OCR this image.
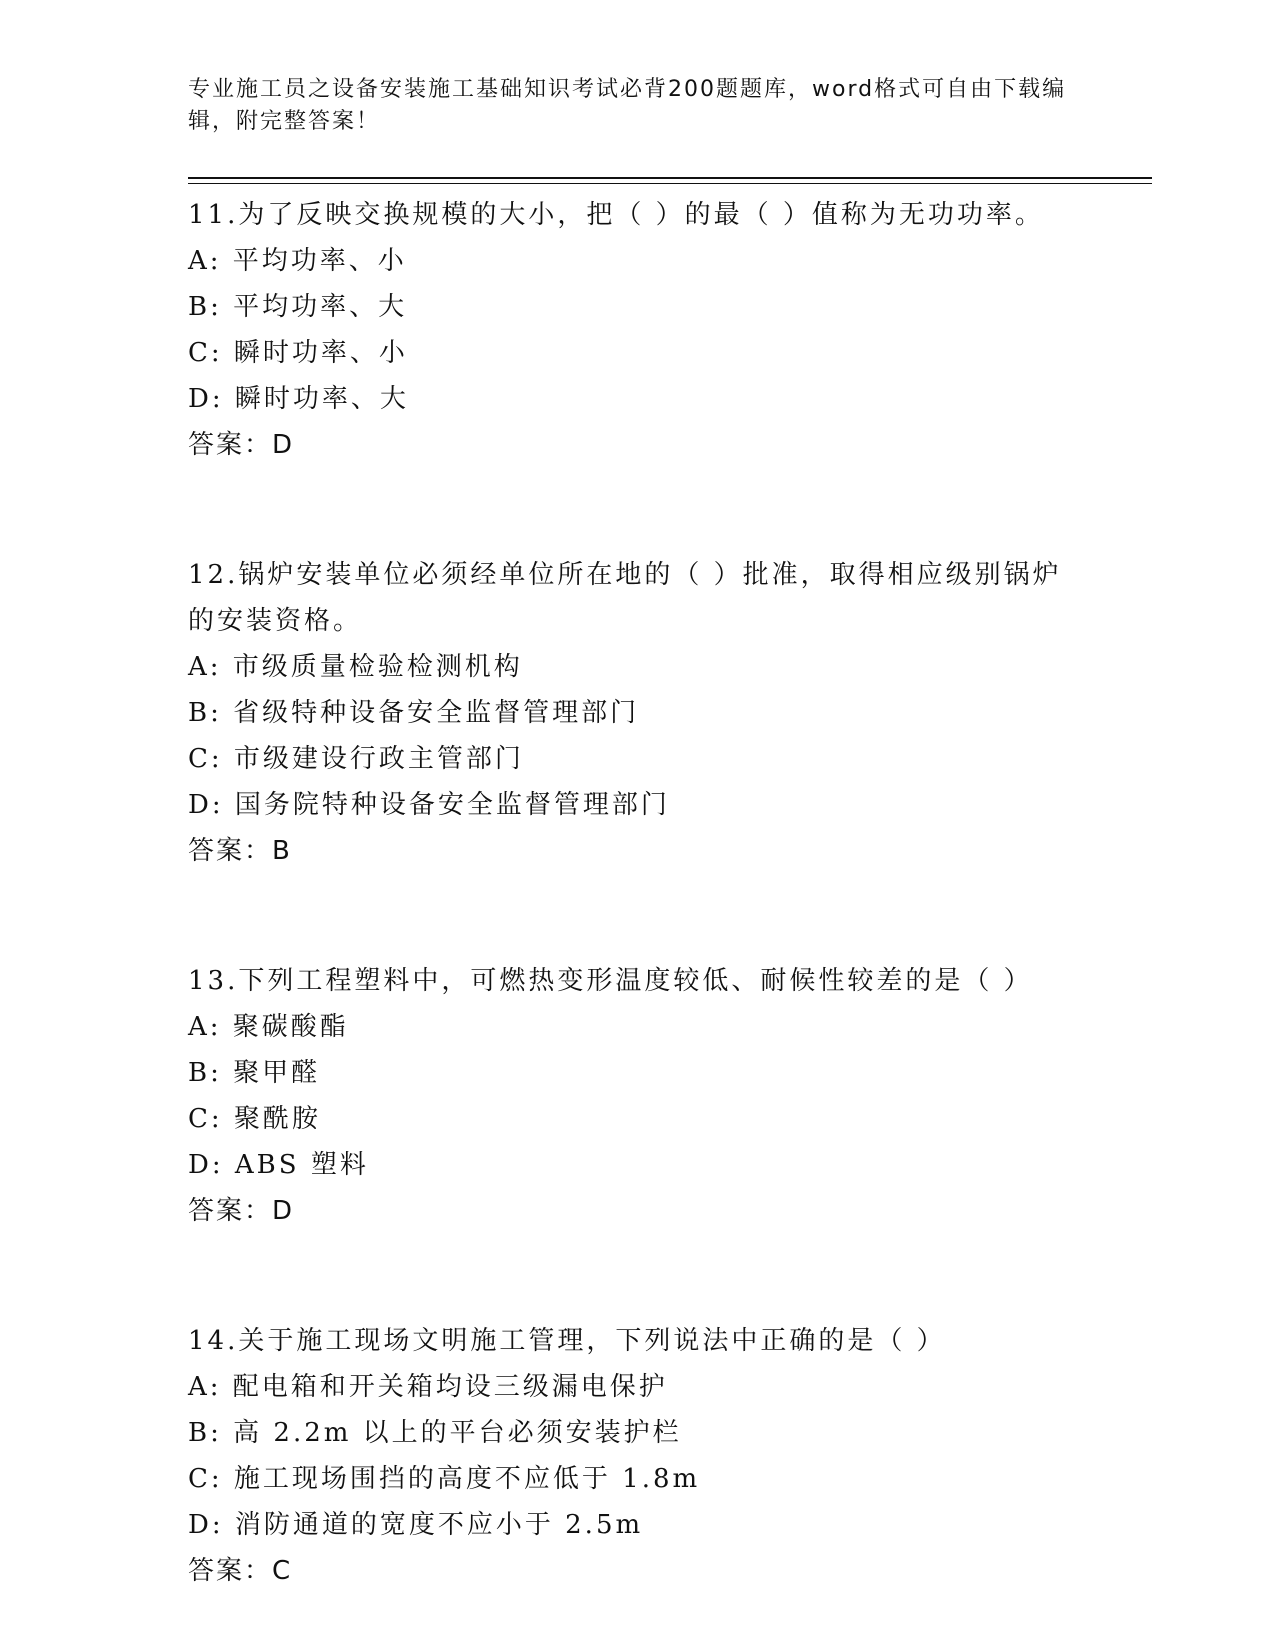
专业施工员之设备安装施工基础知识考试必背200题题库，word格式可自由下载编辑，附完整答案！
11.为了反映交换规模的大小，把（ ）的最（ ）值称为无功功率。
A: 平均功率、小
B: 平均功率、大
C: 瞬时功率、小
D: 瞬时功率、大
答案：D
12.锅炉安装单位必须经单位所在地的（ ）批准，取得相应级别锅炉的安装资格。
A: 市级质量检验检测机构
B: 省级特种设备安全监督管理部门
C: 市级建设行政主管部门
D: 国务院特种设备安全监督管理部门
答案：B
13.下列工程塑料中，可燃热变形温度较低、耐候性较差的是（ ）
A: 聚碳酸酯
B: 聚甲醛
C: 聚酰胺
D: ABS 塑料
答案：D
14.关于施工现场文明施工管理，下列说法中正确的是（ ）
A: 配电箱和开关箱均设三级漏电保护
B: 高 2.2m 以上的平台必须安装护栏
C: 施工现场围挡的高度不应低于 1.8m
D: 消防通道的宽度不应小于 2.5m
答案：C
